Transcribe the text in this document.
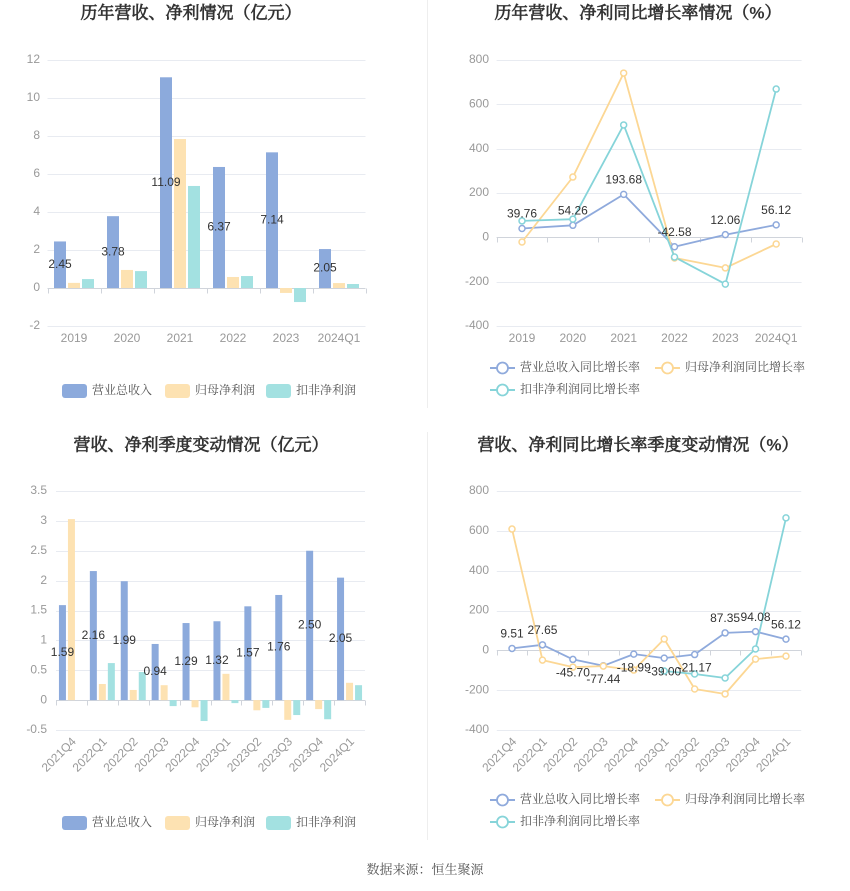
历年营收、净利情况（亿元）
12
10
8
6
4
2
0
-2
2019 2020 2021 2022 2023 2024Q1
2.45
3.78
11.09
6.37
7.14
2.05
营业总收入	归母净利润	扣非净利润
历年营收、净利同比增长率情况（%）
800
600
400
200
0
-200
-400
2019 2020 2021 2022 2023 2024Q1
39.76 54.26
193.68
-42.58
12.06
56.12
营业总收入同比增长率	归母净利润同比增长率
扣非净利润同比增长率
营收、净利季度变动情况（亿元）
3.5
3
2.5
2
1.5
1
0.5
0
-0.5
2021Q4
2022Q1
2022Q2
2022Q3
2022Q4
2023Q1
2023Q2
2023Q3
2023Q4
2024Q1
1.59
2.16 1.99
0.94
1.29 1.32
1.57 1.76
2.50
2.05
营业总收入	归母净利润	扣非净利润
营收、净利同比增长率季度变动情况（%）
800
600
400
200
0
-200
-400
2021Q4
2022Q1
2022Q2
2022Q3
2022Q4
2023Q1
2023Q2
2023Q3
2023Q4
2024Q1
9.51 27.65
-45.70
-77.44
-18.99
-39.00
-21.17
87.35 94.08
56.12
营业总收入同比增长率	归母净利润同比增长率
扣非净利润同比增长率
数据来源：恒生聚源
